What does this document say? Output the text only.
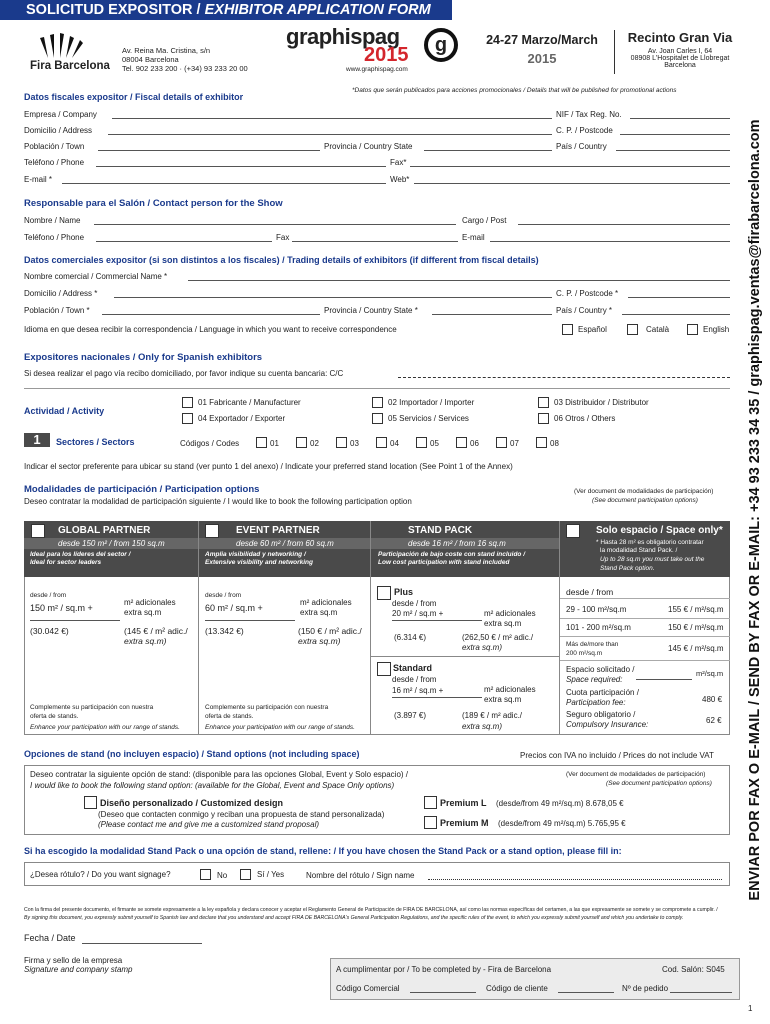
SOLICITUD EXPOSITOR / EXHIBITOR APPLICATION FORM
Fira Barcelona
Av. Reina Ma. Cristina, s/n
08004 Barcelona
Tel. 902 233 200 · (+34) 93 233 20 00
graphispag
2015	g
www.graphispag.com
24-27 Marzo/March
2015
Recinto Gran Via
Av. Joan Carles I, 64
08908 L'Hospitalet de Llobregat
Barcelona
Datos fiscales expositor / Fiscal details of exhibitor
*Datos que serán publicados para acciones promocionales / Details that will be published for promotional actions
Empresa / Company	NIF / Tax Reg. No.
Domicilio / Address	C. P. / Postcode
Población / Town	Provincia / Country State	País / Country
Teléfono / Phone	Fax*
E-mail *	Web*
Responsable para el Salón / Contact person for the Show
Nombre / Name	Cargo / Post
Teléfono / Phone	Fax	E-mail
Datos comerciales expositor (si son distintos a los fiscales) / Trading details of exhibitors (if different from fiscal details)
Nombre comercial / Commercial Name *
Domicilio / Address *	C. P. / Postcode *
Población / Town *	Provincia / Country State *	País / Country *
Idioma en que desea recibir la correspondencia / Language in which you want to receive correspondence	Español	Català	English
Expositores nacionales / Only for Spanish exhibitors
Si desea realizar el pago vía recibo domiciliado, por favor indique su cuenta bancaria: C/C
Actividad / Activity
01 Fabricante / Manufacturer	02 Importador / Importer	03 Distribuidor / Distributor
04 Exportador / Exporter	05 Servicios / Services	06 Otros / Others
1	Sectores / Sectors	Códigos / Codes	01	02	03	04	05	06	07	08
Indicar el sector preferente para ubicar su stand (ver punto 1 del anexo) / Indicate your preferred stand location (See Point 1 of the Annex)
Modalidades de participación / Participation options
Deseo contratar la modalidad de participación siguiente / I would like to book the following participation option
(Ver document de modalidades de participación)
(See document participation options)
GLOBAL PARTNER
desde 150 m² / from 150 sq.m
Ideal para los líderes del sector /
Ideal for sector leaders
desde / from
150 m² / sq.m +
m² adicionales
extra sq.m
(30.042 €)	(145 € / m² adic./
extra sq.m)
Complemente su participación con nuestra
oferta de stands.
Enhance your participation with our range of stands.
EVENT PARTNER
desde 60 m² / from 60 sq.m
Amplia visibilidad y networking /
Extensive visibility and networking
desde / from
60 m² / sq.m +
m² adicionales
extra sq.m
(13.342 €)	(150 € / m² adic./
extra sq.m)
Complemente su participación con nuestra
oferta de stands.
Enhance your participation with our range of stands.
STAND PACK
desde 16 m² / from 16 sq.m
Participación de bajo coste con stand incluido /
Low cost participation with stand included
Plus
desde / from
20 m² / sq.m +	m² adicionales
extra sq.m
(6.314 €)	(262,50 € / m² adic./
extra sq.m)
Standard
desde / from
16 m² / sq.m +	m² adicionales
extra sq.m
(3.897 €)	(189 € / m² adic./
extra sq.m)
Solo espacio / Space only*
* Hasta 28 m² es obligatorio contratar
la modalidad Stand Pack. /
Up to 28 sq.m you must take out the
Stand Pack option.
desde / from
29 - 100 m²/sq.m	155 € / m²/sq.m
101 - 200 m²/sq.m	150 € / m²/sq.m
Más de/more than
200 m²/sq.m
145 € / m²/sq.m
Espacio solicitado /
Space required:
m²/sq.m
Cuota participación /
Participation fee:	480 €
Seguro obligatorio /
Compulsory Insurance:	62 €
Opciones de stand (no incluyen espacio) / Stand options (not including space)	Precios con IVA no incluido / Prices do not include VAT
Deseo contratar la siguiente opción de stand: (disponible para las opciones Global, Event y Solo espacio) /
I would like to book the following stand option: (available for the Global, Event and Space Only options)
(Ver document de modalidades de participación)
(See document participation options)
Diseño personalizado / Customized design
(Deseo que contacten conmigo y reciban una propuesta de stand personalizada)
(Please contact me and give me a customized stand proposal)
Premium L (desde/from 49 m²/sq.m) 8.678,05 €
Premium M (desde/from 49 m²/sq.m) 5.765,95 €
Si ha escogido la modalidad Stand Pack o una opción de stand, rellene: / If you have chosen the Stand Pack or a stand option, please fill in:
¿Desea rótulo? / Do you want signage?	No	Sí / Yes	Nombre del rótulo / Sign name
Con la firma del presente documento, el firmante se somete expresamente a la ley española y declara conocer y aceptar el Reglamento General de Participación de FIRA DE BARCELONA, así como las normas específicas del certamen, a las que expresamente se somete y se compromete a cumplir. /
By signing this document, you expressly submit yourself to Spanish law and declare that you understand and accept FIRA DE BARCELONA's General Participation Regulations, and the specific rules of the event, to which you expressly submit yourself and which you undertake to comply.
Fecha / Date
Firma y sello de la empresa
Signature and company stamp	A cumplimentar por / To be completed by - Fira de Barcelona	Cod. Salón: S045
Código Comercial	Código de cliente	Nº de pedido
1
ENVIAR POR FAX O E-MAIL / SEND BY FAX OR E-MAIL: +34 93 233 34 35 / graphispag.ventas@firabarcelona.com
